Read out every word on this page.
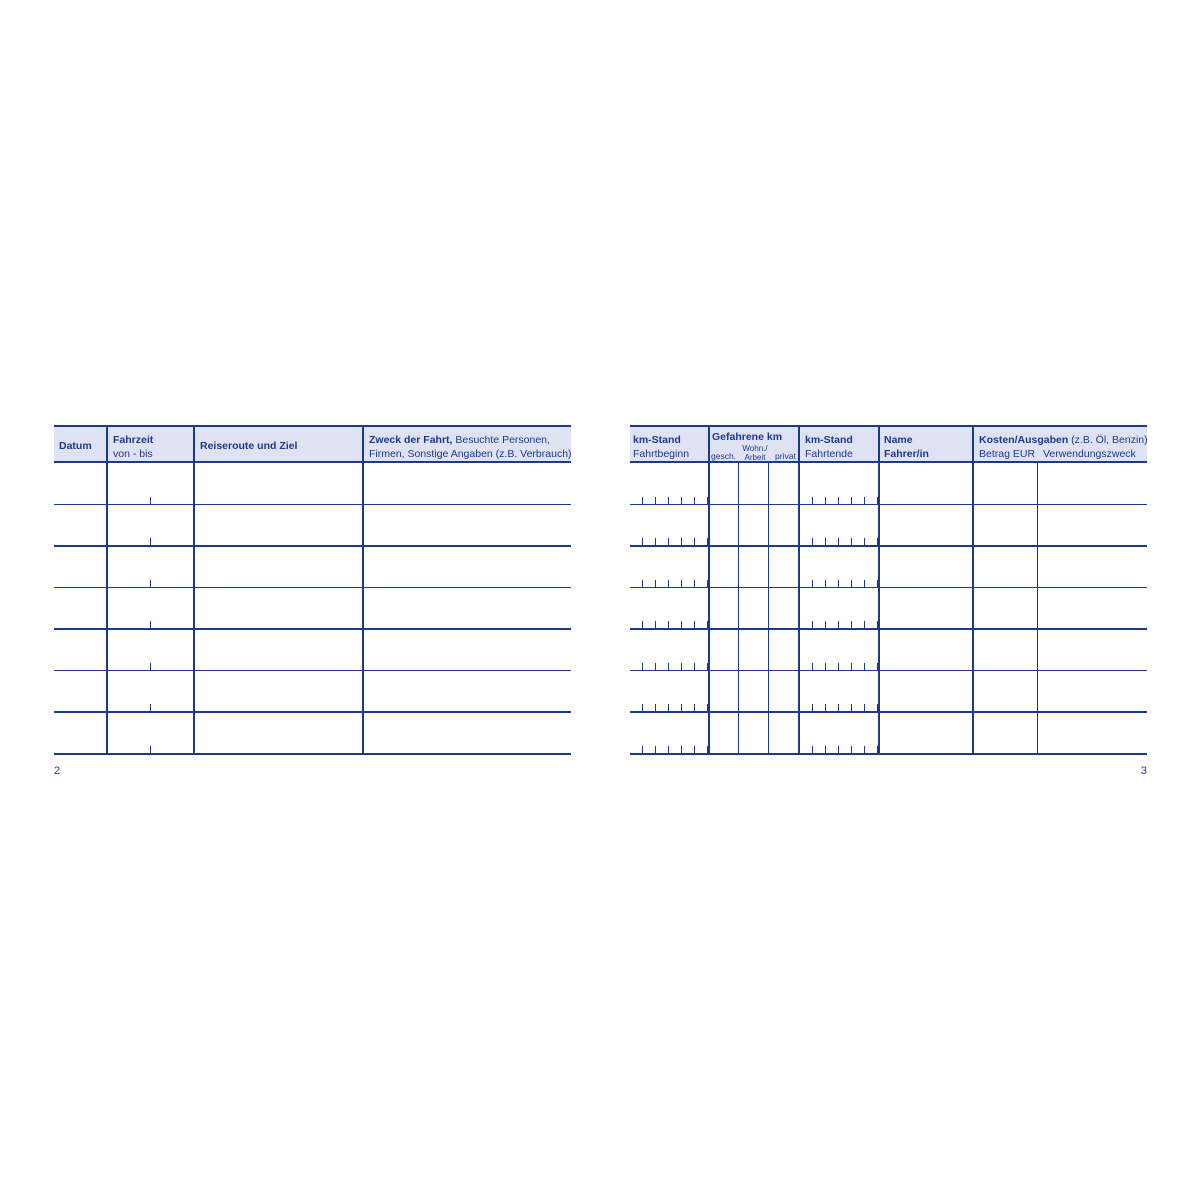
Datum Fahrzeit
von - bis
Reiseroute und Ziel	Zweck der Fahrt, Besuchte Personen,
Firmen, Sonstige Angaben (z.B. Verbrauch)
2
km-Stand
Fahrtbeginn
Gefahrene km
gesch.
Wohn./
Arbeit	privat
km-Stand
Fahrtende
Name
Fahrer/in
Kosten/Ausgaben (z.B. Öl, Benzin)
Betrag EUR Verwendungszweck
3
